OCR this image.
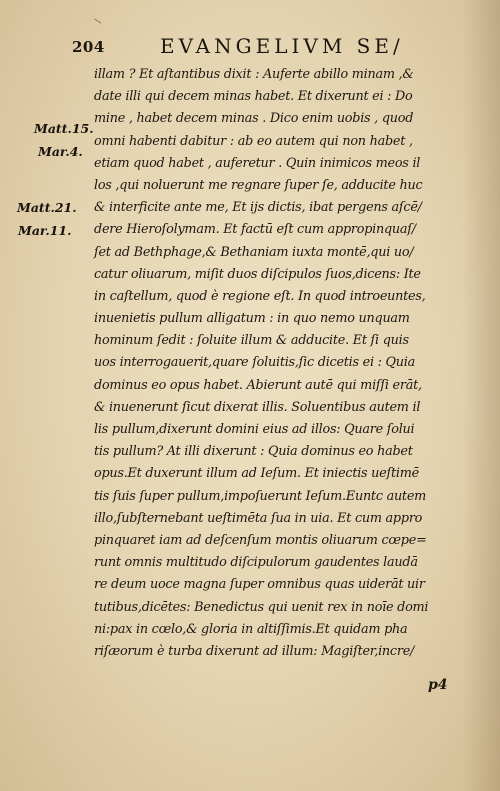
204	EVANGELIVM SE/
Matt.15.
Mar.4.
Matt.21.
Mar.11.
illam ? Et aſtantibus dixit : Auferte abillo minam ,&
date illi qui decem minas habet. Et dixerunt ei : Do
mine , habet decem minas . Dico enim uobis , quod
omni habenti dabitur : ab eo autem qui non habet ,
etiam quod habet , auferetur . Quin inimicos meos il
los ,qui noluerunt me regnare ſuper ſe, adducite huc
& interficite ante me, Et ijs dictis, ibat pergens aſcē/
dere Hieroſolymam. Et factū eſt cum appropinquaſ/
ſet ad Bethphage,& Bethaniam iuxta montē,qui uo/
catur oliuarum, miſit duos diſcipulos ſuos,dicens: Ite
in caſtellum, quod è regione eſt. In quod introeuntes,
inuenietis pullum alligatum : in quo nemo unquam
hominum ſedit : ſoluite illum & adducite. Et ſi quis
uos interrogauerit,quare ſoluitis,ſic dicetis ei : Quia
dominus eo opus habet. Abierunt autē qui miſſi erāt,
& inuenerunt ſicut dixerat illis. Soluentibus autem il
lis pullum,dixerunt domini eius ad illos: Quare ſolui
tis pullum? At illi dixerunt : Quia dominus eo habet
opus.Et duxerunt illum ad Ieſum. Et iniectis ueſtimē
tis ſuis ſuper pullum,impoſuerunt Ieſum.Euntc autem
illo,ſubſternebant ueſtimēta ſua in uia. Et cum appro
pinquaret iam ad deſcenſum montis oliuarum cœpe=
runt omnis multitudo diſcipulorum gaudentes laudā
re deum uoce magna ſuper omnibus quas uiderāt uir
tutibus,dicētes: Benedictus qui uenit rex in noīe domi
ni:pax in cœlo,& gloria in altiſſimis.Et quidam pha
riſæorum è turba dixerunt ad illum: Magiſter,incre/
p4
